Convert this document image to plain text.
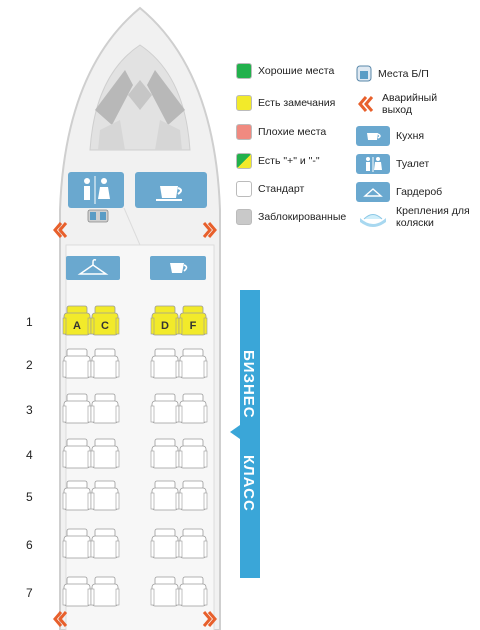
БИЗНЕС
КЛАСС
A C	D F
1
2
3
4
5
6
7
Хорошие места
Есть замечания
Плохие места
Есть "+" и "-"
Стандарт
Заблокированные
Места Б/П
Аварийный выход
Кухня
Туалет
Гардероб
Крепления для коляски
